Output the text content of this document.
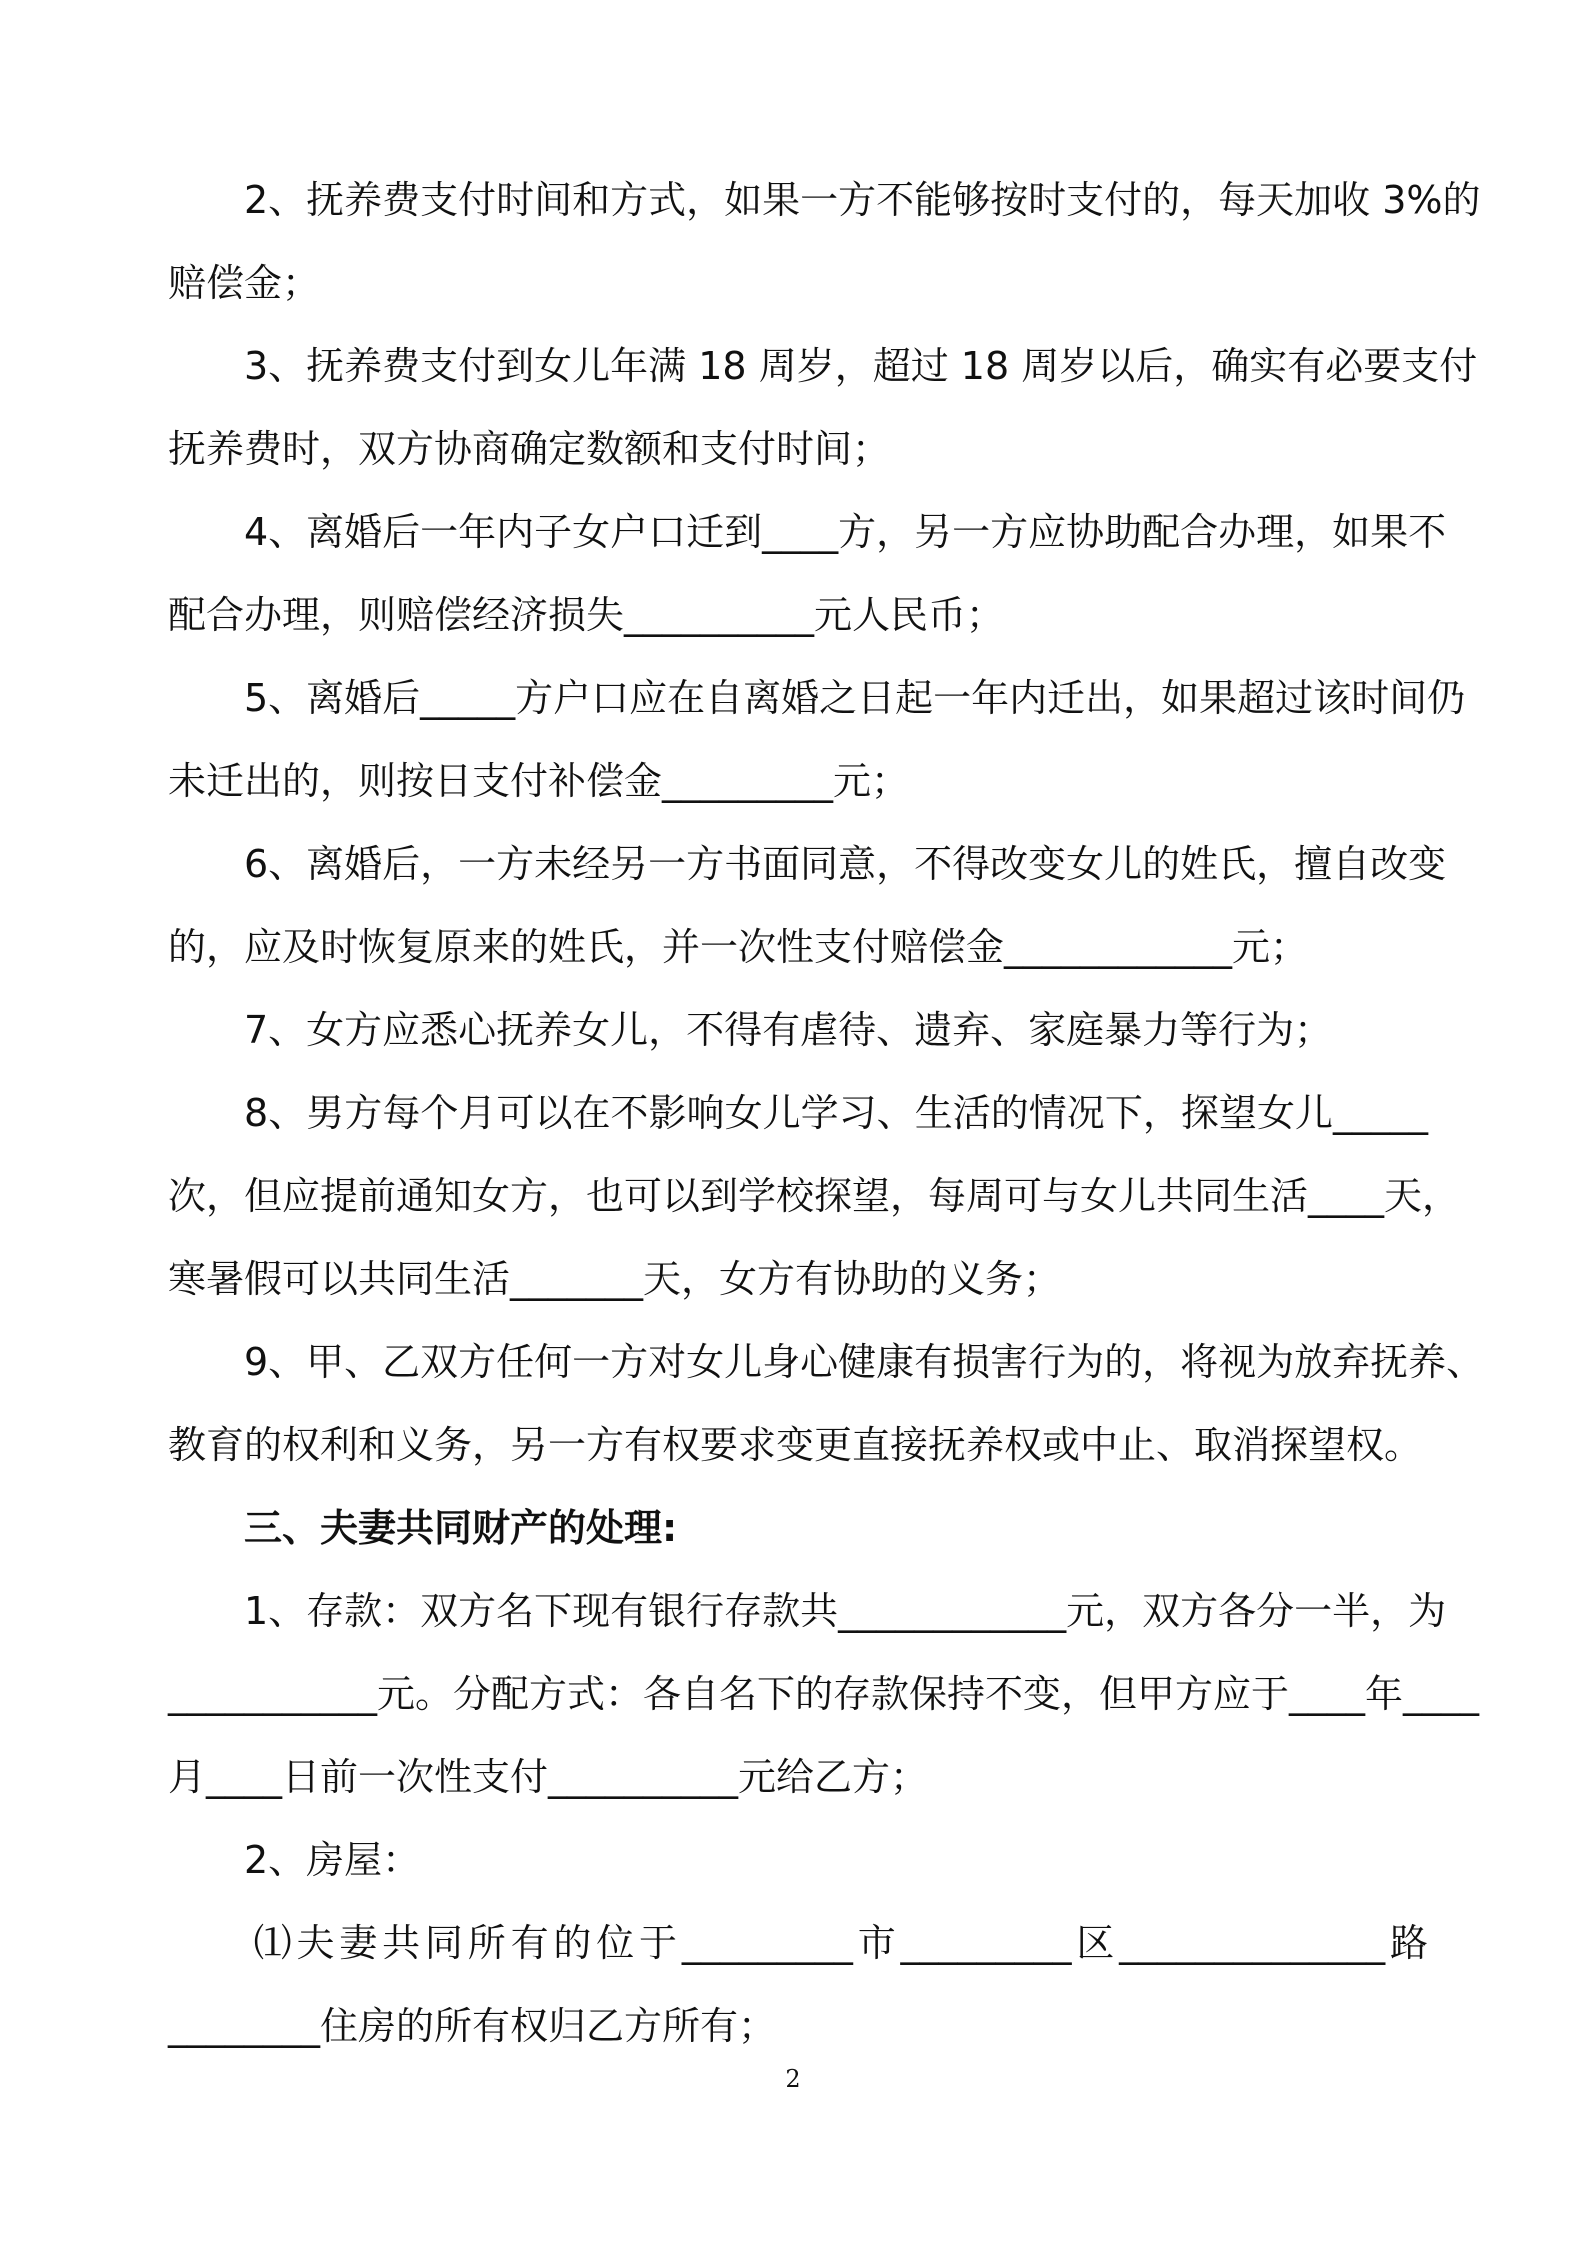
　　2、抚养费支付时间和方式，如果一方不能够按时支付的，每天加收 3%的
赔偿金；
　　3、抚养费支付到女儿年满 18 周岁，超过 18 周岁以后，确实有必要支付
抚养费时，双方协商确定数额和支付时间；
　　4、离婚后一年内子女户口迁到____方，另一方应协助配合办理，如果不
配合办理，则赔偿经济损失__________元人民币；
　　5、离婚后_____方户口应在自离婚之日起一年内迁出，如果超过该时间仍
未迁出的，则按日支付补偿金_________元；
　　6、离婚后，一方未经另一方书面同意，不得改变女儿的姓氏，擅自改变
的，应及时恢复原来的姓氏，并一次性支付赔偿金____________元；
　　7、女方应悉心抚养女儿，不得有虐待、遗弃、家庭暴力等行为；
　　8、男方每个月可以在不影响女儿学习、生活的情况下，探望女儿_____
次，但应提前通知女方，也可以到学校探望，每周可与女儿共同生活____天，
寒暑假可以共同生活_______天，女方有协助的义务；
　　9、甲、乙双方任何一方对女儿身心健康有损害行为的，将视为放弃抚养、
教育的权利和义务，另一方有权要求变更直接抚养权或中止、取消探望权。
　　三、夫妻共同财产的处理:
　　1、存款：双方名下现有银行存款共____________元，双方各分一半，为
___________元。分配方式：各自名下的存款保持不变，但甲方应于____年____
月____日前一次性支付__________元给乙方；
　　2、房屋：
　　⑴夫妻共同所有的位于_________市_________区______________路
________住房的所有权归乙方所有；
2
